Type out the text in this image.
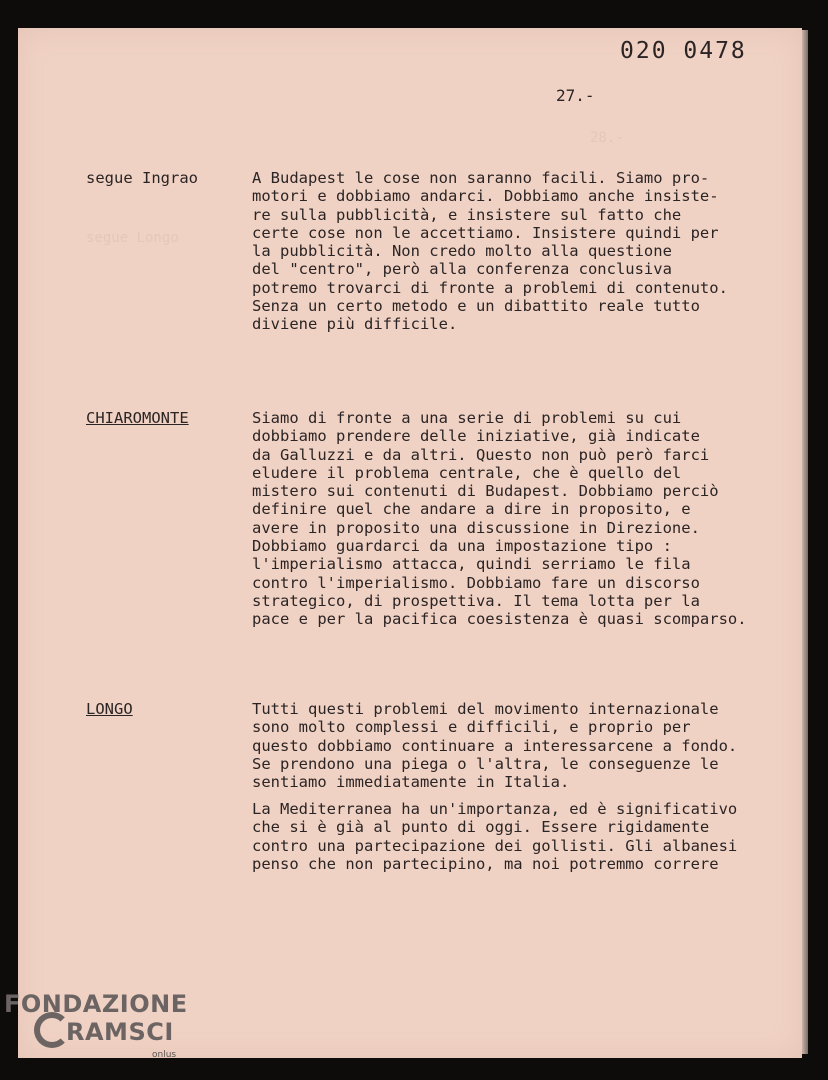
segue Longo
28.-
020 0478
27.-
segue Ingrao	A Budapest le cose non saranno facili. Siamo pro-
motori e dobbiamo andarci. Dobbiamo anche insiste-
re sulla pubblicità, e insistere sul fatto che
certe cose non le accettiamo. Insistere quindi per
la pubblicità. Non credo molto alla questione
del "centro", però alla conferenza conclusiva
potremo trovarci di fronte a problemi di contenuto.
Senza un certo metodo e un dibattito reale tutto
diviene più difficile.

CHIAROMONTE	Siamo di fronte a una serie di problemi su cui
dobbiamo prendere delle iniziative, già indicate
da Galluzzi e da altri. Questo non può però farci
eludere il problema centrale, che è quello del
mistero sui contenuti di Budapest. Dobbiamo perciò
definire quel che andare a dire in proposito, e
avere in proposito una discussione in Direzione.
Dobbiamo guardarci da una impostazione tipo :
l'imperialismo attacca, quindi serriamo le fila
contro l'imperialismo. Dobbiamo fare un discorso
strategico, di prospettiva. Il tema lotta per la
pace e per la pacifica coesistenza è quasi scomparso.

LONGO	Tutti questi problemi del movimento internazionale
sono molto complessi e difficili, e proprio per
questo dobbiamo continuare a interessarcene a fondo.
Se prendono una piega o l'altra, le conseguenze le
sentiamo immediatamente in Italia.

La Mediterranea ha un'importanza, ed è significativo
che si è già al punto di oggi. Essere rigidamente
contro una partecipazione dei gollisti. Gli albanesi
penso che non partecipino, ma noi potremmo correre

FONDAZIONE
RAMSCI
onlus
